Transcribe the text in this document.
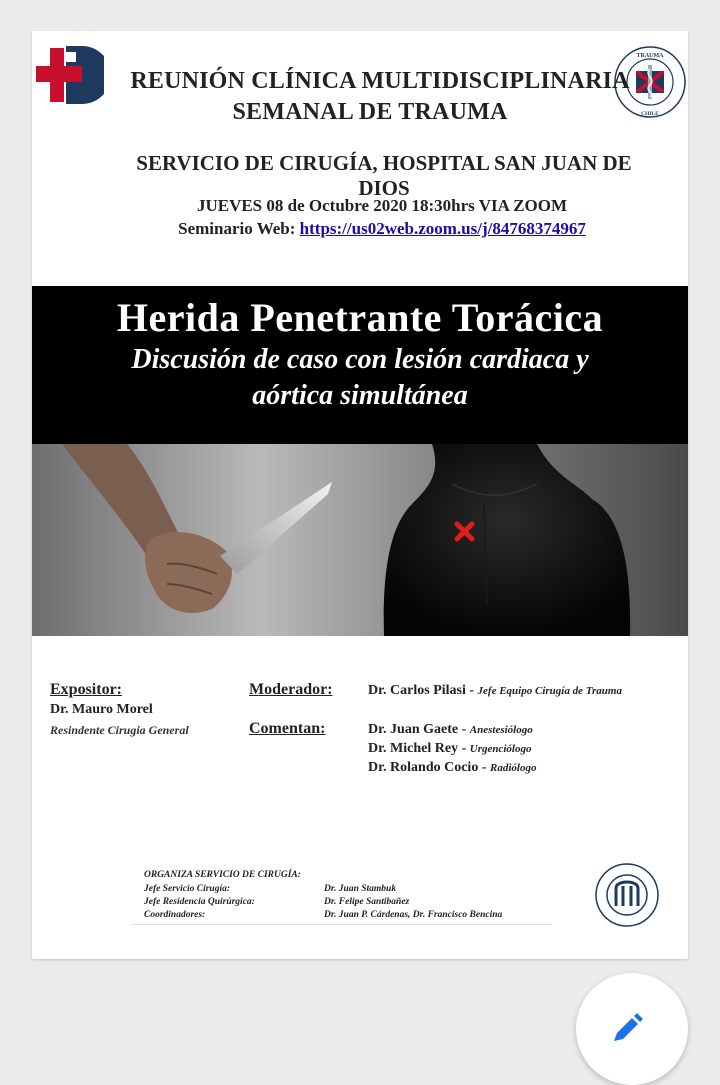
TRAUMA
CHILE
REUNIÓN CLÍNICA MULTIDISCIPLINARIA
SEMANAL DE TRAUMA
SERVICIO DE CIRUGÍA, HOSPITAL SAN JUAN DE DIOS
JUEVES 08 de Octubre 2020 18:30hrs VIA ZOOM
Seminario Web: https://us02web.zoom.us/j/84768374967
Herida Penetrante Torácica
Discusión de caso con lesión cardiaca y
aórtica simultánea
Expositor:
Dr. Mauro Morel
Resindente Cirugia General
Moderador:	Dr. Carlos Pilasi - Jefe Equipo Cirugía de Trauma
Comentan:	Dr. Juan Gaete - Anestesiólogo
Dr. Michel Rey - Urgenciólogo
Dr. Rolando Cocio - Radiólogo
ORGANIZA SERVICIO DE CIRUGÍA:
Jefe Servicio Cirugía:	Dr. Juan Stambuk
Jefe Residencia Quirúrgica:	Dr. Felipe Santibañez
Coordinadores:	Dr. Juan P. Cárdenas, Dr. Francisco Bencina
